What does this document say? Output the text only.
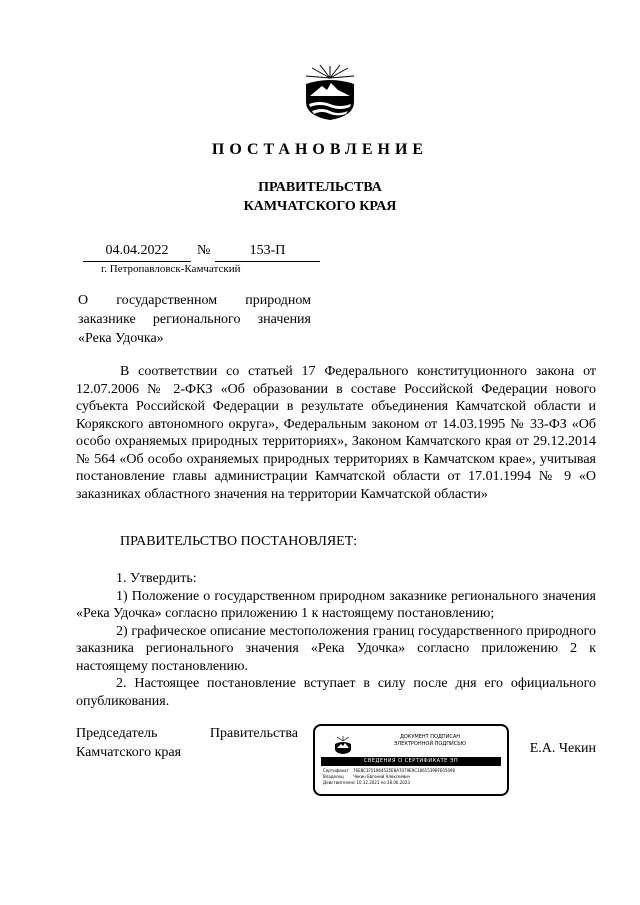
ПОСТАНОВЛЕНИЕ
ПРАВИТЕЛЬСТВА
КАМЧАТСКОГО КРАЯ
04.04.2022	№	153-П
г. Петропавловск-Камчатский
О государственном природном заказнике регионального значения «Река Удочка»
В соответствии со статьей 17 Федерального конституционного закона от 12.07.2006 № 2-ФКЗ «Об образовании в составе Российской Федерации нового субъекта Российской Федерации в результате объединения Камчатской области и Корякского автономного округа», Федеральным законом от 14.03.1995 № 33-ФЗ «Об особо охраняемых природных территориях», Законом Камчатского края от 29.12.2014 № 564 «Об особо охраняемых природных территориях в Камчатском крае», учитывая постановление главы администрации Камчатской области от 17.01.1994 № 9 «О заказниках областного значения на территории Камчатской области»
ПРАВИТЕЛЬСТВО ПОСТАНОВЛЯЕТ:

1. Утвердить:

1) Положение о государственном природном заказнике регионального значения «Река Удочка» согласно приложению 1 к настоящему постановлению;

2) графическое описание местоположения границ государственного природного заказника регионального значения «Река Удочка» согласно приложению 2 к настоящему постановлению.

2. Настоящее постановление вступает в силу после дня его официального опубликования.

Председатель	Правительства
Камчатского края
ДОКУМЕНТ ПОДПИСАН
ЭЛЕКТРОННОЙ ПОДПИСЬЮ
СВЕДЕНИЯ О СЕРТИФИКАТЕ ЭП
Сертификат	76E8C1F51964525E8A7079E9C1861539BFE05090
Владелец	Чекин Евгений Алексеевич
Действителен с 10.12.2021 по 28.06.2023
Е.А. Чекин
